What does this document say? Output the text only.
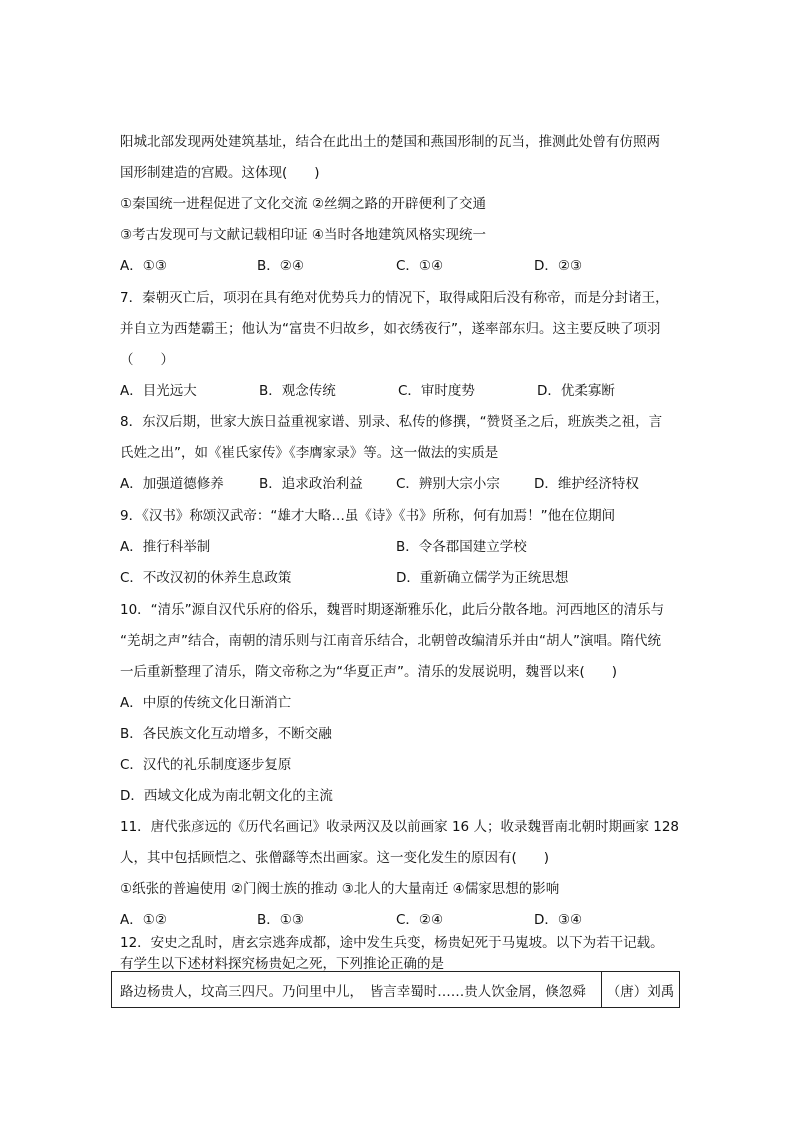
阳城北部发现两处建筑基址，结合在此出土的楚国和燕国形制的瓦当，推测此处曾有仿照两
国形制建造的宫殿。这体现(　　)
①秦国统一进程促进了文化交流 ②丝绸之路的开辟便利了交通
③考古发现可与文献记载相印证 ④当时各地建筑风格实现统一
A．①③	B．②④	C．①④	D．②③
7．秦朝灭亡后，项羽在具有绝对优势兵力的情况下，取得咸阳后没有称帝，而是分封诸王，
并自立为西楚霸王；他认为“富贵不归故乡，如衣绣夜行”，遂率部东归。这主要反映了项羽
（　　）
A．目光远大	B．观念传统	C．审时度势	D．优柔寡断
8．东汉后期，世家大族日益重视家谱、别录、私传的修撰，“赞贤圣之后，班族类之祖，言
氏姓之出”，如《崔氏家传》《李膺家录》等。这一做法的实质是
A．加强道德修养	B．追求政治利益 C．辨别大宗小宗	D．维护经济特权
9．《汉书》称颂汉武帝：“雄才大略…虽《诗》《书》所称，何有加焉！”他在位期间
A．推行科举制	B．令各郡国建立学校
C．不改汉初的休养生息政策	D．重新确立儒学为正统思想
10．“清乐”源自汉代乐府的俗乐，魏晋时期逐渐雅乐化，此后分散各地。河西地区的清乐与
“羌胡之声”结合，南朝的清乐则与江南音乐结合，北朝曾改编清乐并由“胡人”演唱。隋代统
一后重新整理了清乐，隋文帝称之为“华夏正声”。清乐的发展说明，魏晋以来(　　)
A．中原的传统文化日渐消亡
B．各民族文化互动增多，不断交融
C．汉代的礼乐制度逐步复原
D．西域文化成为南北朝文化的主流
11．唐代张彦远的《历代名画记》收录两汉及以前画家 16 人；收录魏晋南北朝时期画家 128
人，其中包括顾恺之、张僧繇等杰出画家。这一变化发生的原因有(　　)
①纸张的普遍使用 ②门阀士族的推动 ③北人的大量南迁 ④儒家思想的影响
A．①②	B．①③	C．②④	D．③④
12．安史之乱时，唐玄宗逃奔成都，途中发生兵变，杨贵妃死于马嵬坡。以下为若干记载。
有学生以下述材料探究杨贵妃之死，下列推论正确的是
路边杨贵人，坟高三四尺。乃问里中儿，　皆言幸蜀时……贵人饮金屑，倏忽舜	（唐）刘禹
